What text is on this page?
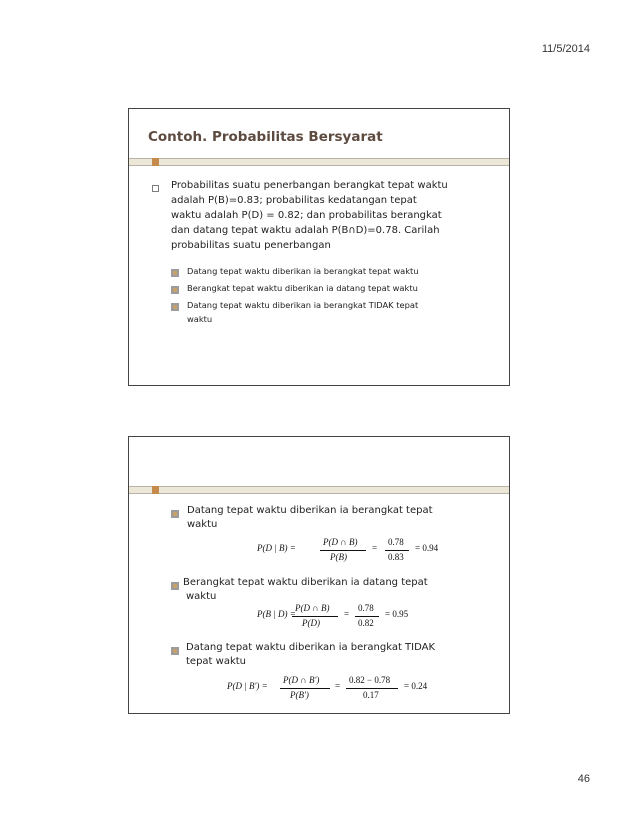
11/5/2014
Contoh. Probabilitas Bersyarat
Probabilitas suatu penerbangan berangkat tepat waktu
adalah P(B)=0.83; probabilitas kedatangan tepat
waktu adalah P(D) = 0.82; dan probabilitas berangkat
dan datang tepat waktu adalah P(B∩D)=0.78. Carilah
probabilitas suatu penerbangan
Datang tepat waktu diberikan ia berangkat tepat waktu
Berangkat tepat waktu diberikan ia datang tepat waktu
Datang tepat waktu diberikan ia berangkat TIDAK tepat
waktu
Datang tepat waktu diberikan ia berangkat tepat
waktu
P(D | B) =
P(D ∩ B)
P(B)
=
0.78
0.83
= 0.94
Berangkat tepat waktu diberikan ia datang tepat
waktu
P(B | D) =
P(D ∩ B)
P(D)
=
0.78
0.82
= 0.95
Datang tepat waktu diberikan ia berangkat TIDAK
tepat waktu
P(D | B') =
P(D ∩ B')
P(B')
=
0.82 − 0.78
0.17
= 0.24
46
